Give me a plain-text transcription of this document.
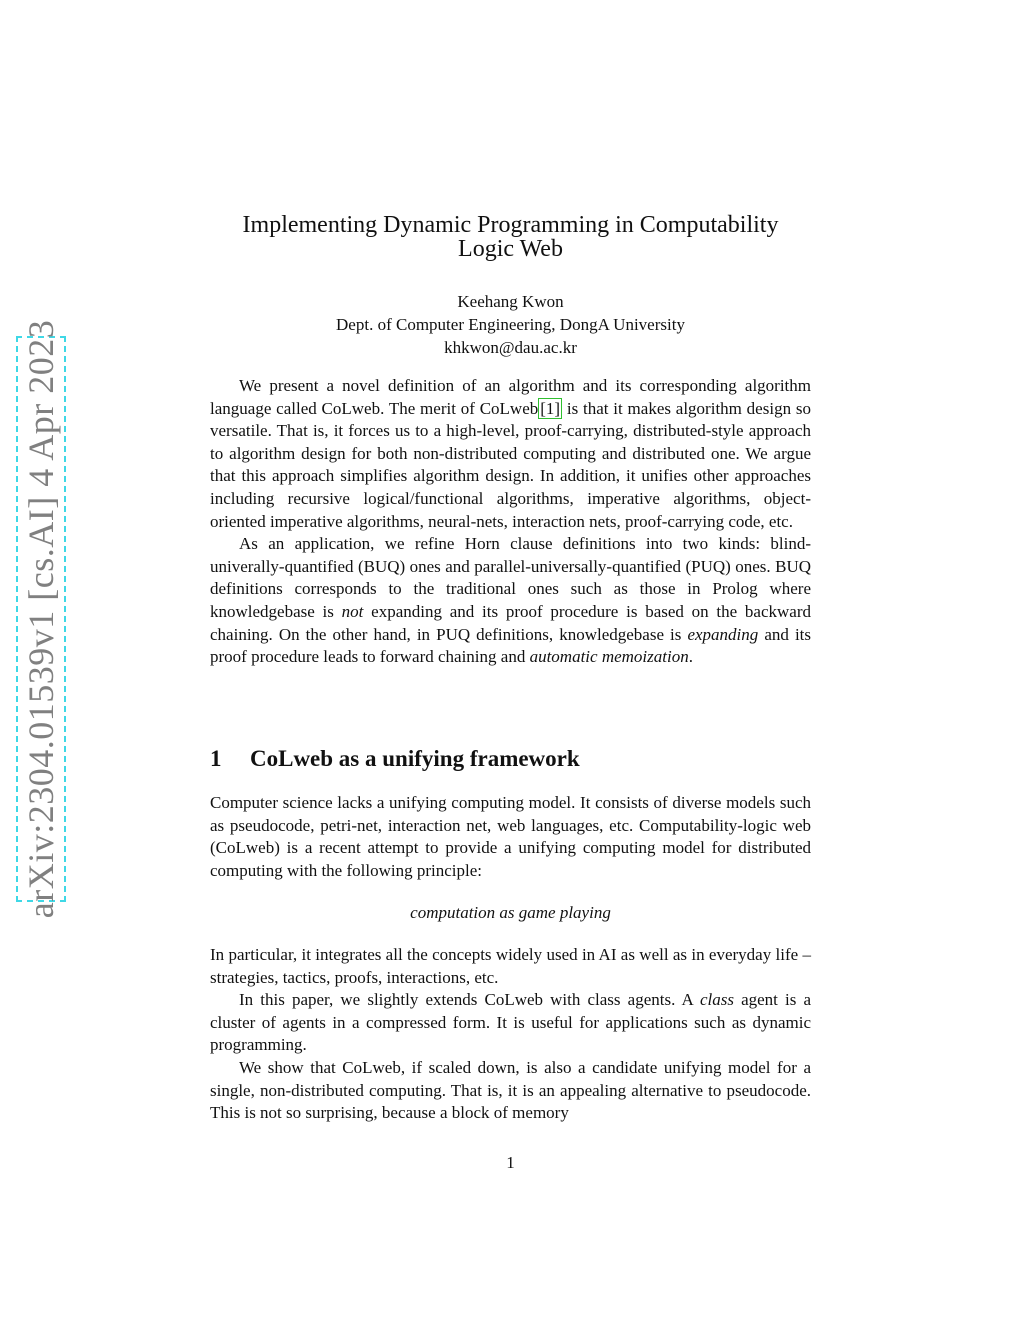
arXiv:2304.01539v1 [cs.AI] 4 Apr 2023
Implementing Dynamic Programming in Computability
Logic Web
Keehang Kwon
Dept. of Computer Engineering, DongA University
khkwon@dau.ac.kr

We present a novel definition of an algorithm and its corresponding algorithm language called CoLweb. The merit of CoLweb [1] is that it makes algorithm design so versatile. That is, it forces us to a high-level, proof-carrying, distributed-style approach to algorithm design for both non-distributed computing and distributed one. We argue that this approach simplifies algorithm design. In addition, it unifies other approaches including recursive logical/functional algorithms, imperative algorithms, object-oriented imperative algorithms, neural-nets, interaction nets, proof-carrying code, etc.

As an application, we refine Horn clause definitions into two kinds: blind-univerally-quantified (BUQ) ones and parallel-universally-quantified (PUQ) ones. BUQ definitions corresponds to the traditional ones such as those in Prolog where knowledgebase is not expanding and its proof procedure is based on the backward chaining. On the other hand, in PUQ definitions, knowledgebase is expanding and its proof procedure leads to forward chaining and automatic memoization.

1 CoLweb as a unifying framework

Computer science lacks a unifying computing model. It consists of diverse models such as pseudocode, petri-net, interaction net, web languages, etc. Computability-logic web (CoLweb) is a recent attempt to provide a unifying computing model for distributed computing with the following principle:

computation as game playing

In particular, it integrates all the concepts widely used in AI as well as in everyday life – strategies, tactics, proofs, interactions, etc.

In this paper, we slightly extends CoLweb with class agents. A class agent is a cluster of agents in a compressed form. It is useful for applications such as dynamic programming.

We show that CoLweb, if scaled down, is also a candidate unifying model for a single, non-distributed computing. That is, it is an appealing alternative to pseudocode. This is not so surprising, because a block of memory

1
